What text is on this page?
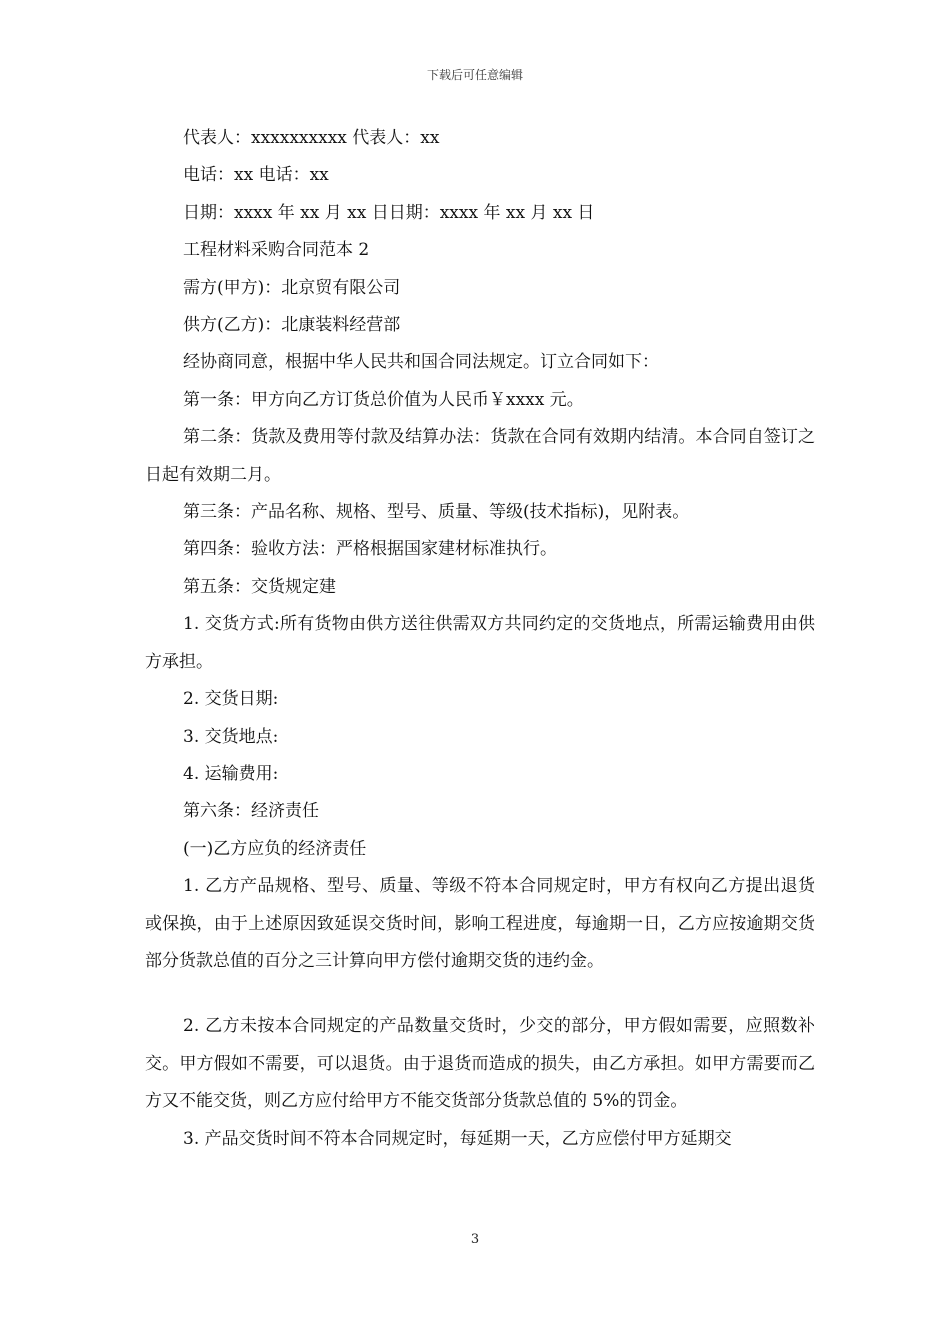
下载后可任意编辑

代表人：xxxxxxxxxx 代表人：xx

电话：xx 电话：xx

日期：xxxx 年 xx 月 xx 日日期：xxxx 年 xx 月 xx 日

工程材料采购合同范本 2

需方(甲方)：北京贸有限公司

供方(乙方)：北康装料经营部

经协商同意，根据中华人民共和国合同法规定。订立合同如下：

第一条：甲方向乙方订货总价值为人民币￥xxxx 元。

第二条：货款及费用等付款及结算办法：货款在合同有效期内结清。本合同自签订之日起有效期二月。

第三条：产品名称、规格、型号、质量、等级(技术指标)，见附表。

第四条：验收方法：严格根据国家建材标准执行。

第五条：交货规定建

1. 交货方式:所有货物由供方送往供需双方共同约定的交货地点，所需运输费用由供方承担。

2. 交货日期:

3. 交货地点:

4. 运输费用:

第六条：经济责任

(一)乙方应负的经济责任

1. 乙方产品规格、型号、质量、等级不符本合同规定时，甲方有权向乙方提出退货或保换，由于上述原因致延误交货时间，影响工程进度，每逾期一日，乙方应按逾期交货部分货款总值的百分之三计算向甲方偿付逾期交货的违约金。

2. 乙方未按本合同规定的产品数量交货时，少交的部分，甲方假如需要，应照数补交。甲方假如不需要，可以退货。由于退货而造成的损失，由乙方承担。如甲方需要而乙方又不能交货，则乙方应付给甲方不能交货部分货款总值的 5%的罚金。

3. 产品交货时间不符本合同规定时，每延期一天，乙方应偿付甲方延期交

3
